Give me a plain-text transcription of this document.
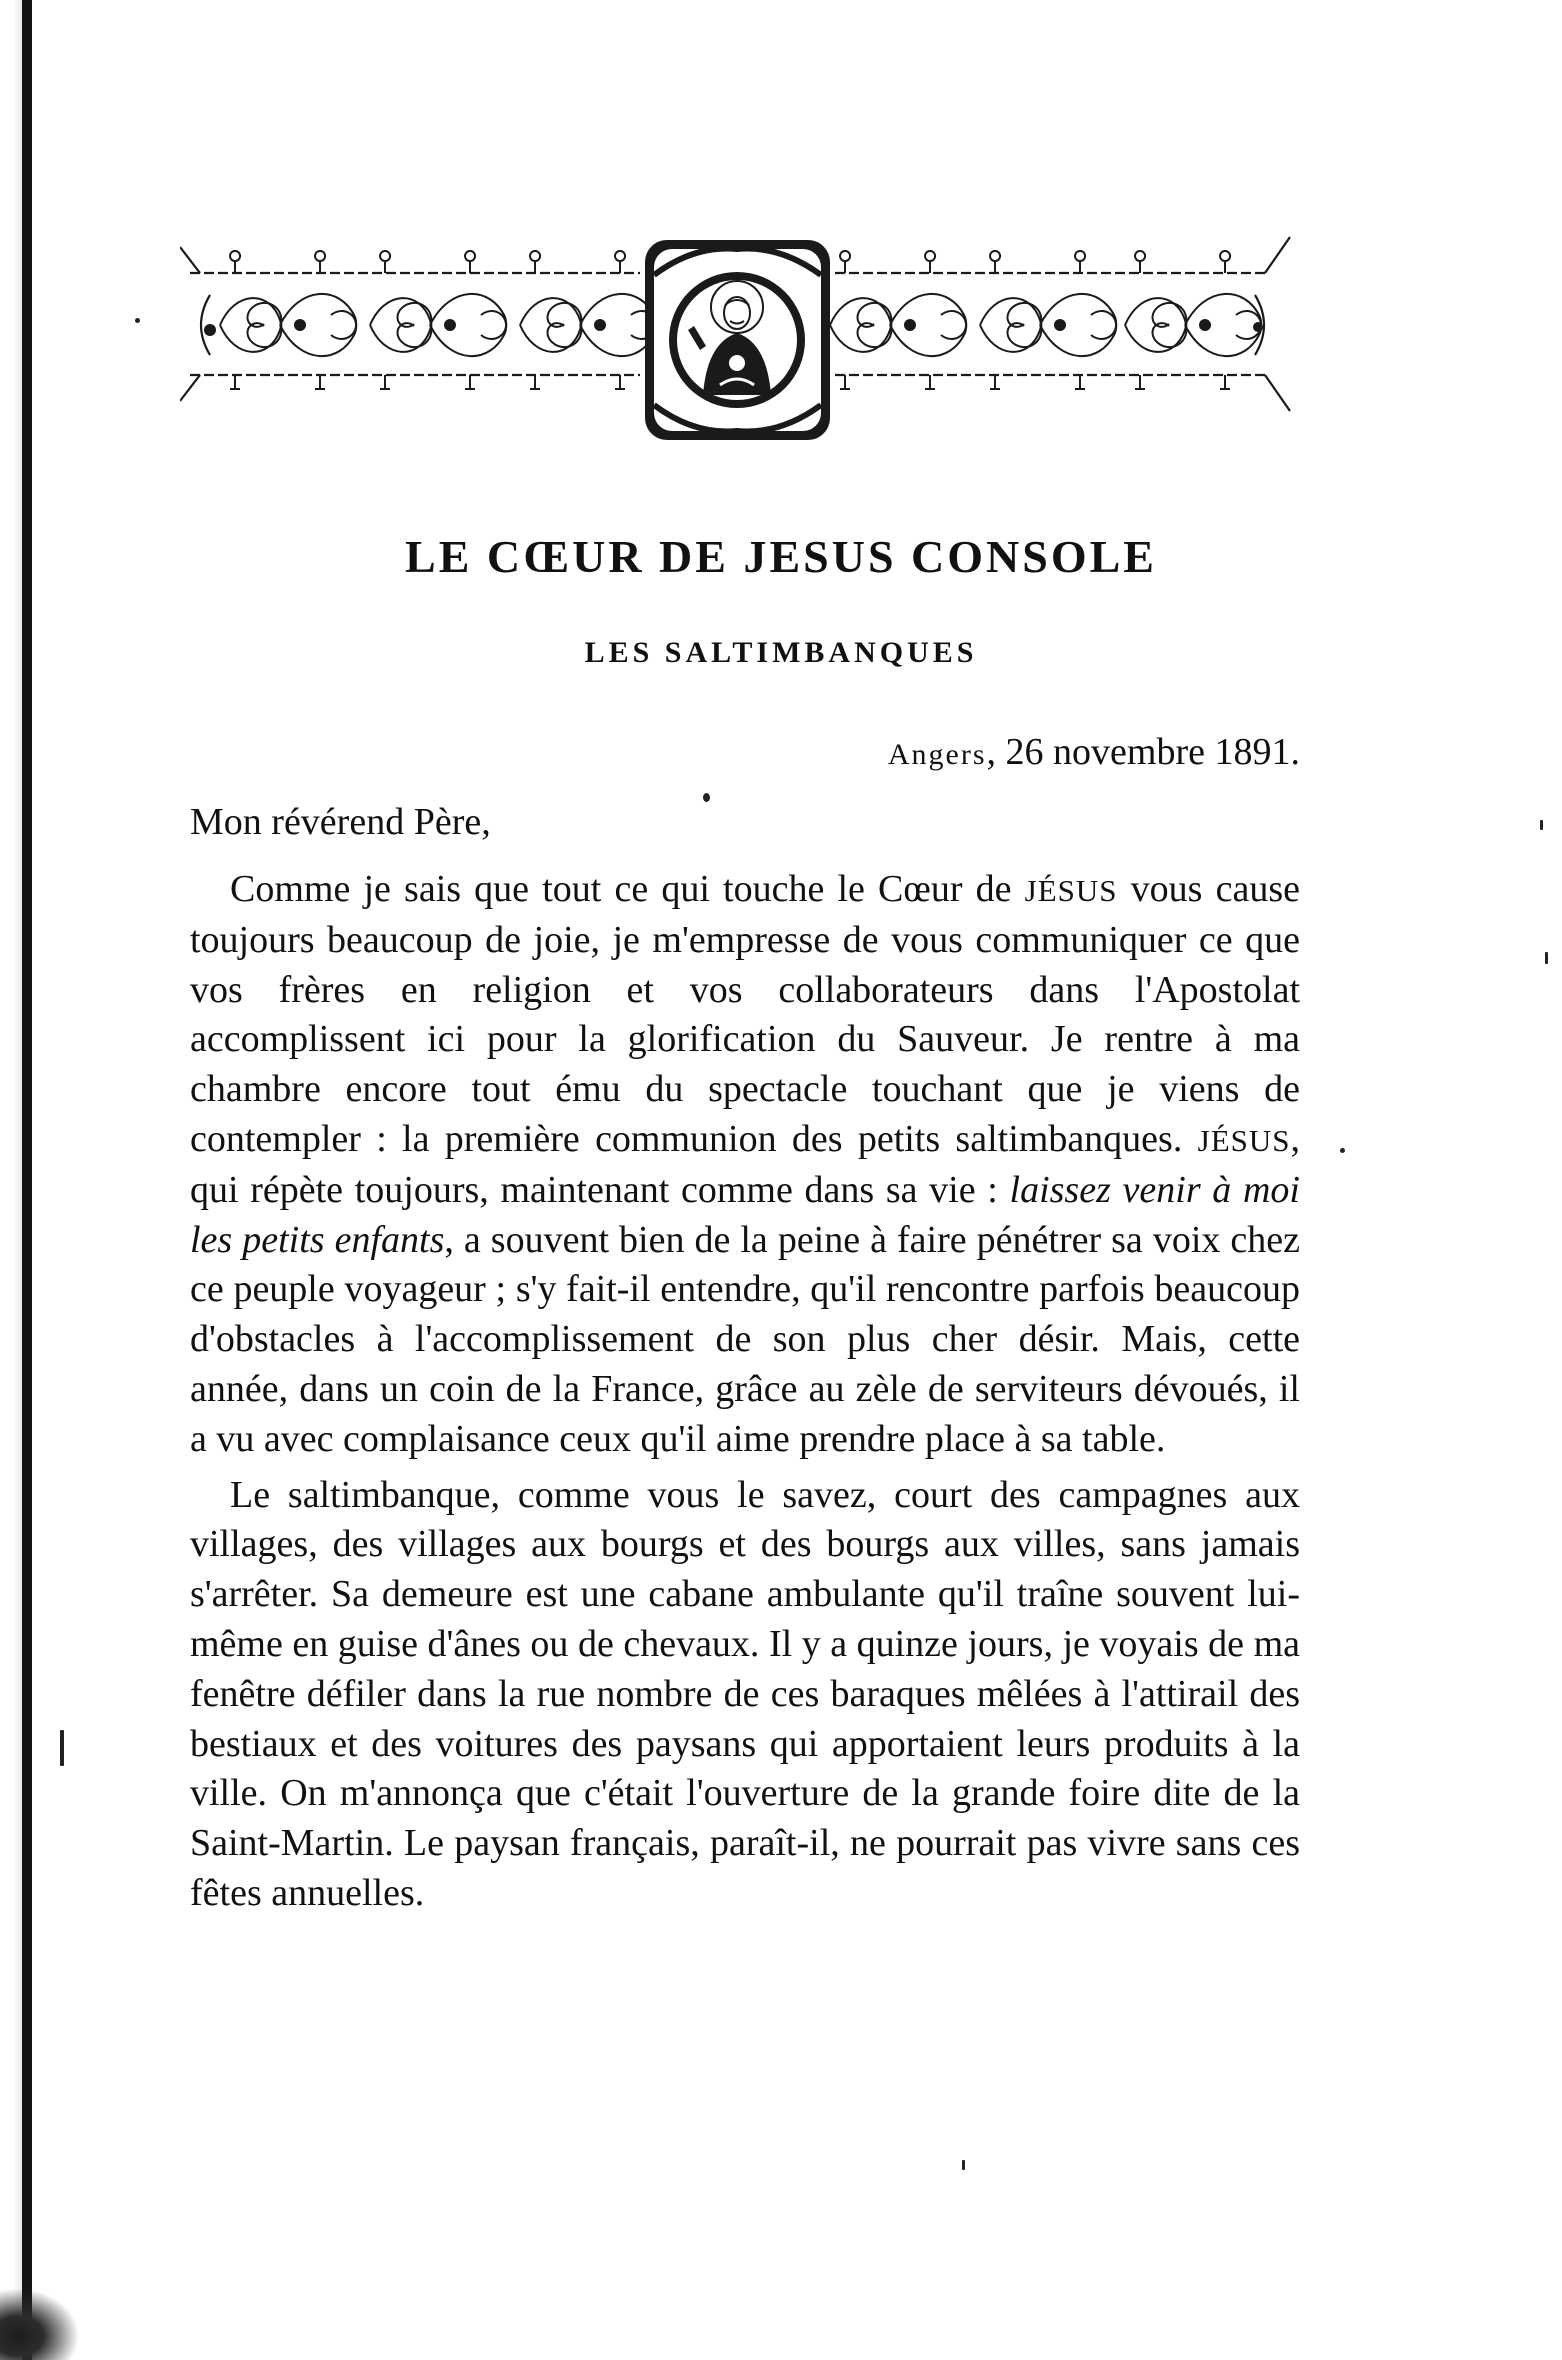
LE CŒUR DE JESUS CONSOLE
LES SALTIMBANQUES

Angers, 26 novembre 1891.

Mon révérend Père,

Comme je sais que tout ce qui touche le Cœur de JÉSUS vous cause toujours beaucoup de joie, je m'empresse de vous communiquer ce que vos frères en religion et vos collaborateurs dans l'Apostolat accomplissent ici pour la glorification du Sauveur. Je rentre à ma chambre encore tout ému du spectacle touchant que je viens de contempler : la première communion des petits saltimbanques. JÉSUS, qui répète toujours, maintenant comme dans sa vie : laissez venir à moi les petits enfants, a souvent bien de la peine à faire pénétrer sa voix chez ce peuple voyageur ; s'y fait-il entendre, qu'il rencontre parfois beaucoup d'obstacles à l'accomplissement de son plus cher désir. Mais, cette année, dans un coin de la France, grâce au zèle de serviteurs dévoués, il a vu avec complaisance ceux qu'il aime prendre place à sa table.

Le saltimbanque, comme vous le savez, court des campagnes aux villages, des villages aux bourgs et des bourgs aux villes, sans jamais s'arrêter. Sa demeure est une cabane ambulante qu'il traîne souvent lui-même en guise d'ânes ou de chevaux. Il y a quinze jours, je voyais de ma fenêtre défiler dans la rue nombre de ces baraques mêlées à l'attirail des bestiaux et des voitures des paysans qui apportaient leurs produits à la ville. On m'annonça que c'était l'ouverture de la grande foire dite de la Saint-Martin. Le paysan français, paraît-il, ne pourrait pas vivre sans ces fêtes annuelles.
